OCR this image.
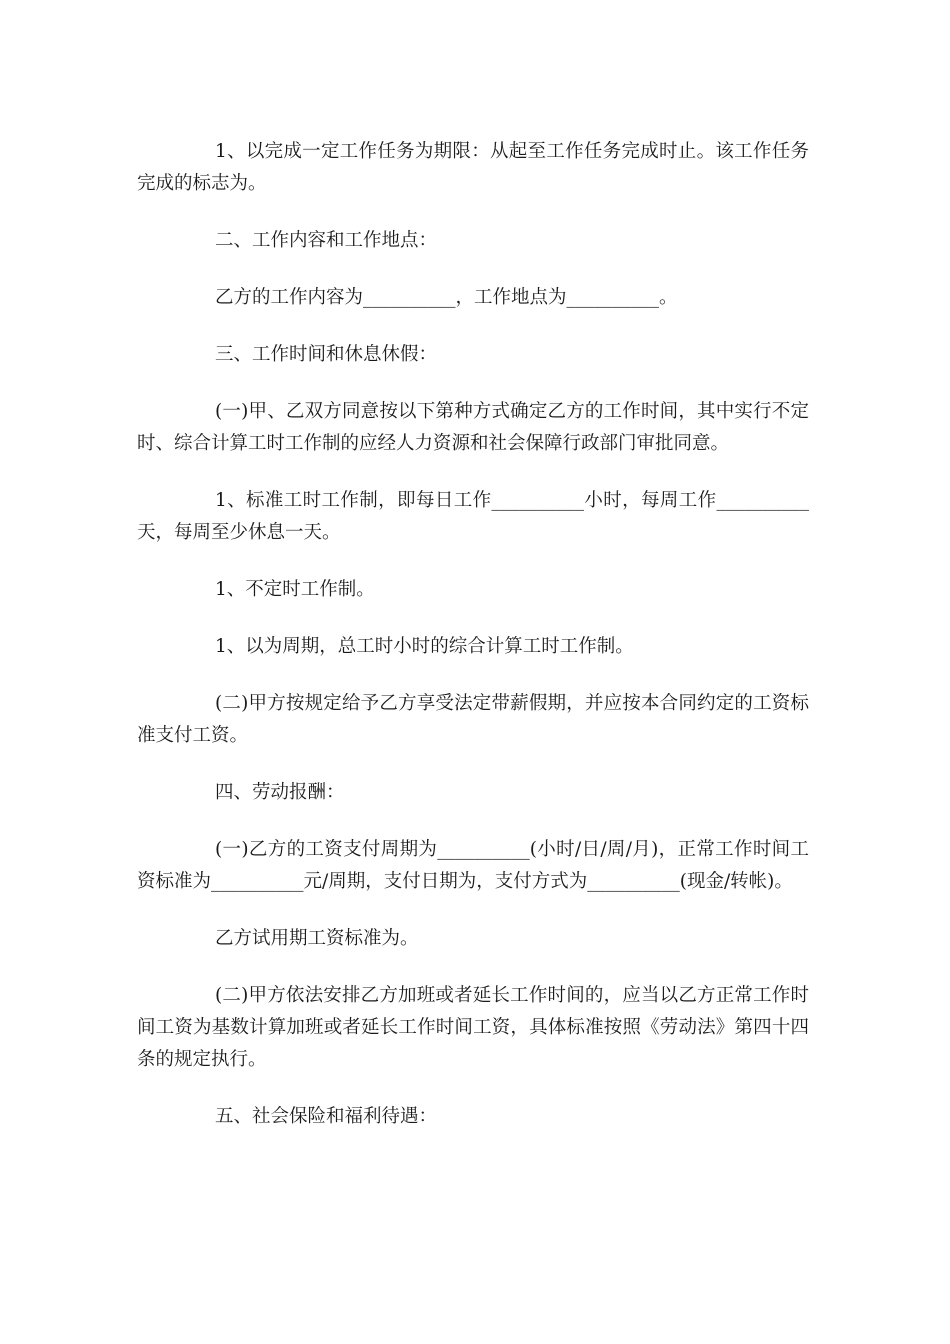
1、以完成一定工作任务为期限：从起至工作任务完成时止。该工作任务完成的标志为。

二、工作内容和工作地点：

乙方的工作内容为__________，工作地点为__________。

三、工作时间和休息休假：

(一)甲、乙双方同意按以下第种方式确定乙方的工作时间，其中实行不定时、综合计算工时工作制的应经人力资源和社会保障行政部门审批同意。

1、标准工时工作制，即每日工作__________小时，每周工作__________天，每周至少休息一天。

1、不定时工作制。

1、以为周期，总工时小时的综合计算工时工作制。

(二)甲方按规定给予乙方享受法定带薪假期，并应按本合同约定的工资标准支付工资。

四、劳动报酬：

(一)乙方的工资支付周期为__________(小时/日/周/月)，正常工作时间工资标准为__________元/周期，支付日期为，支付方式为__________(现金/转帐)。

乙方试用期工资标准为。

(二)甲方依法安排乙方加班或者延长工作时间的，应当以乙方正常工作时间工资为基数计算加班或者延长工作时间工资，具体标准按照《劳动法》第四十四条的规定执行。

五、社会保险和福利待遇：
